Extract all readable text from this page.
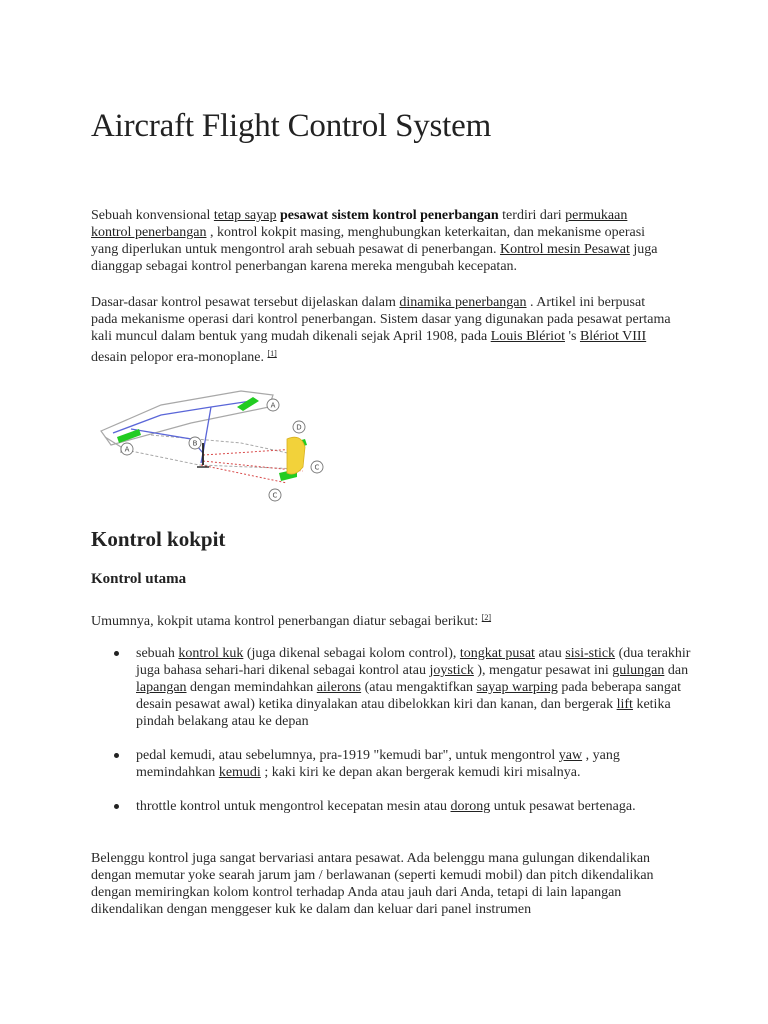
Aircraft Flight Control System

Sebuah konvensional tetap sayap pesawat sistem kontrol penerbangan terdiri dari permukaan kontrol penerbangan , kontrol kokpit masing, menghubungkan keterkaitan, dan mekanisme operasi yang diperlukan untuk mengontrol arah sebuah pesawat di penerbangan. Kontrol mesin Pesawat juga dianggap sebagai kontrol penerbangan karena mereka mengubah kecepatan.

Dasar-dasar kontrol pesawat tersebut dijelaskan dalam dinamika penerbangan . Artikel ini berpusat pada mekanisme operasi dari kontrol penerbangan. Sistem dasar yang digunakan pada pesawat pertama kali muncul dalam bentuk yang mudah dikenali sejak April 1908, pada Louis Blériot 's Blériot VIII desain pelopor era-monoplane. [1]

A
A
B
C
C
D
Kontrol kokpit
Kontrol utama

Umumnya, kokpit utama kontrol penerbangan diatur sebagai berikut: [2]

sebuah kontrol kuk (juga dikenal sebagai kolom control), tongkat pusat atau sisi-stick (dua terakhir juga bahasa sehari-hari dikenal sebagai kontrol atau joystick ), mengatur pesawat ini gulungan dan lapangan dengan memindahkan ailerons (atau mengaktifkan sayap warping pada beberapa sangat desain pesawat awal) ketika dinyalakan atau dibelokkan kiri dan kanan, dan bergerak lift ketika pindah belakang atau ke depan
pedal kemudi, atau sebelumnya, pra-1919 "kemudi bar", untuk mengontrol yaw , yang memindahkan kemudi ; kaki kiri ke depan akan bergerak kemudi kiri misalnya.
throttle kontrol untuk mengontrol kecepatan mesin atau dorong untuk pesawat bertenaga.

Belenggu kontrol juga sangat bervariasi antara pesawat. Ada belenggu mana gulungan dikendalikan dengan memutar yoke searah jarum jam / berlawanan (seperti kemudi mobil) dan pitch dikendalikan dengan memiringkan kolom kontrol terhadap Anda atau jauh dari Anda, tetapi di lain lapangan dikendalikan dengan menggeser kuk ke dalam dan keluar dari panel instrumen
